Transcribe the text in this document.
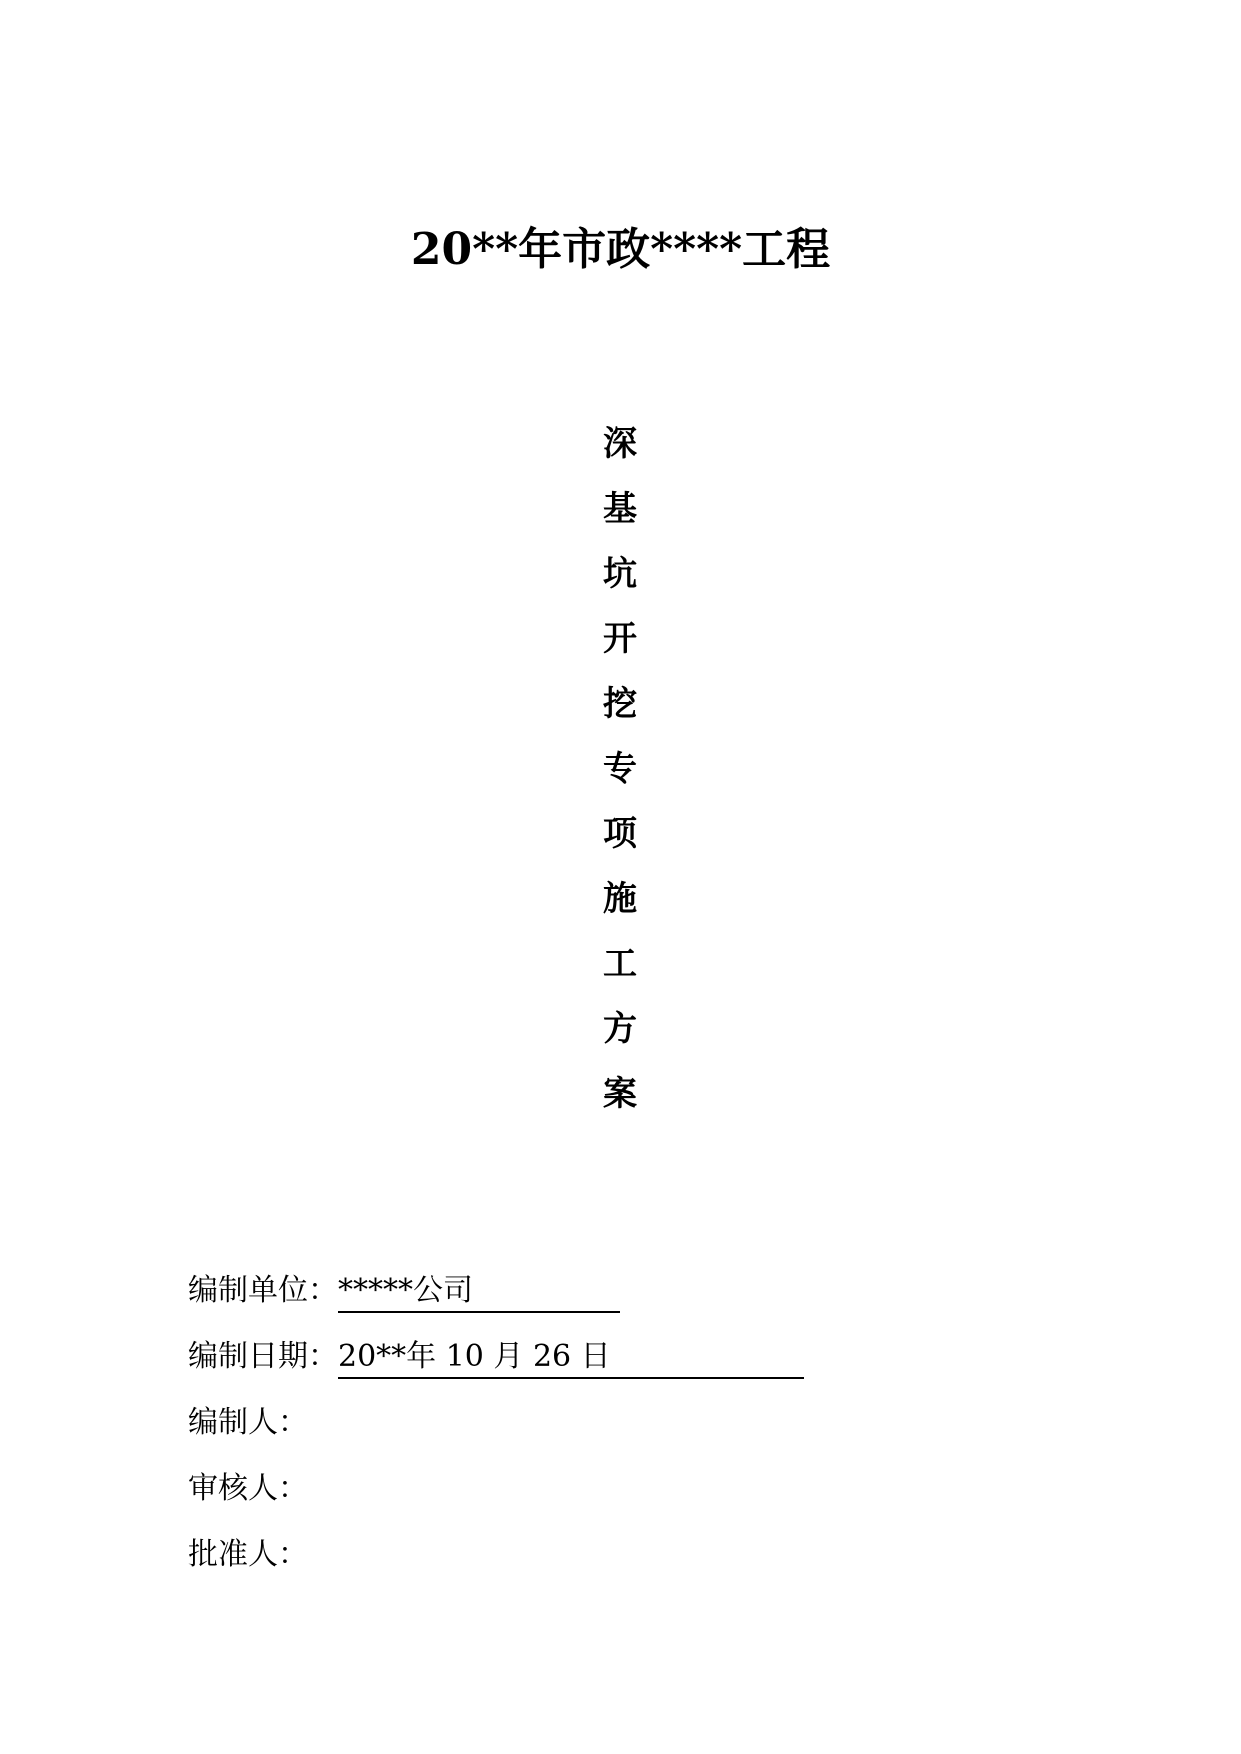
20**年市政****工程
深
基
坑
开
挖
专
项
施
工
方
案
编制单位：*****公司
编制日期：20**年 10 月 26 日
编制人：
审核人：
批准人：
